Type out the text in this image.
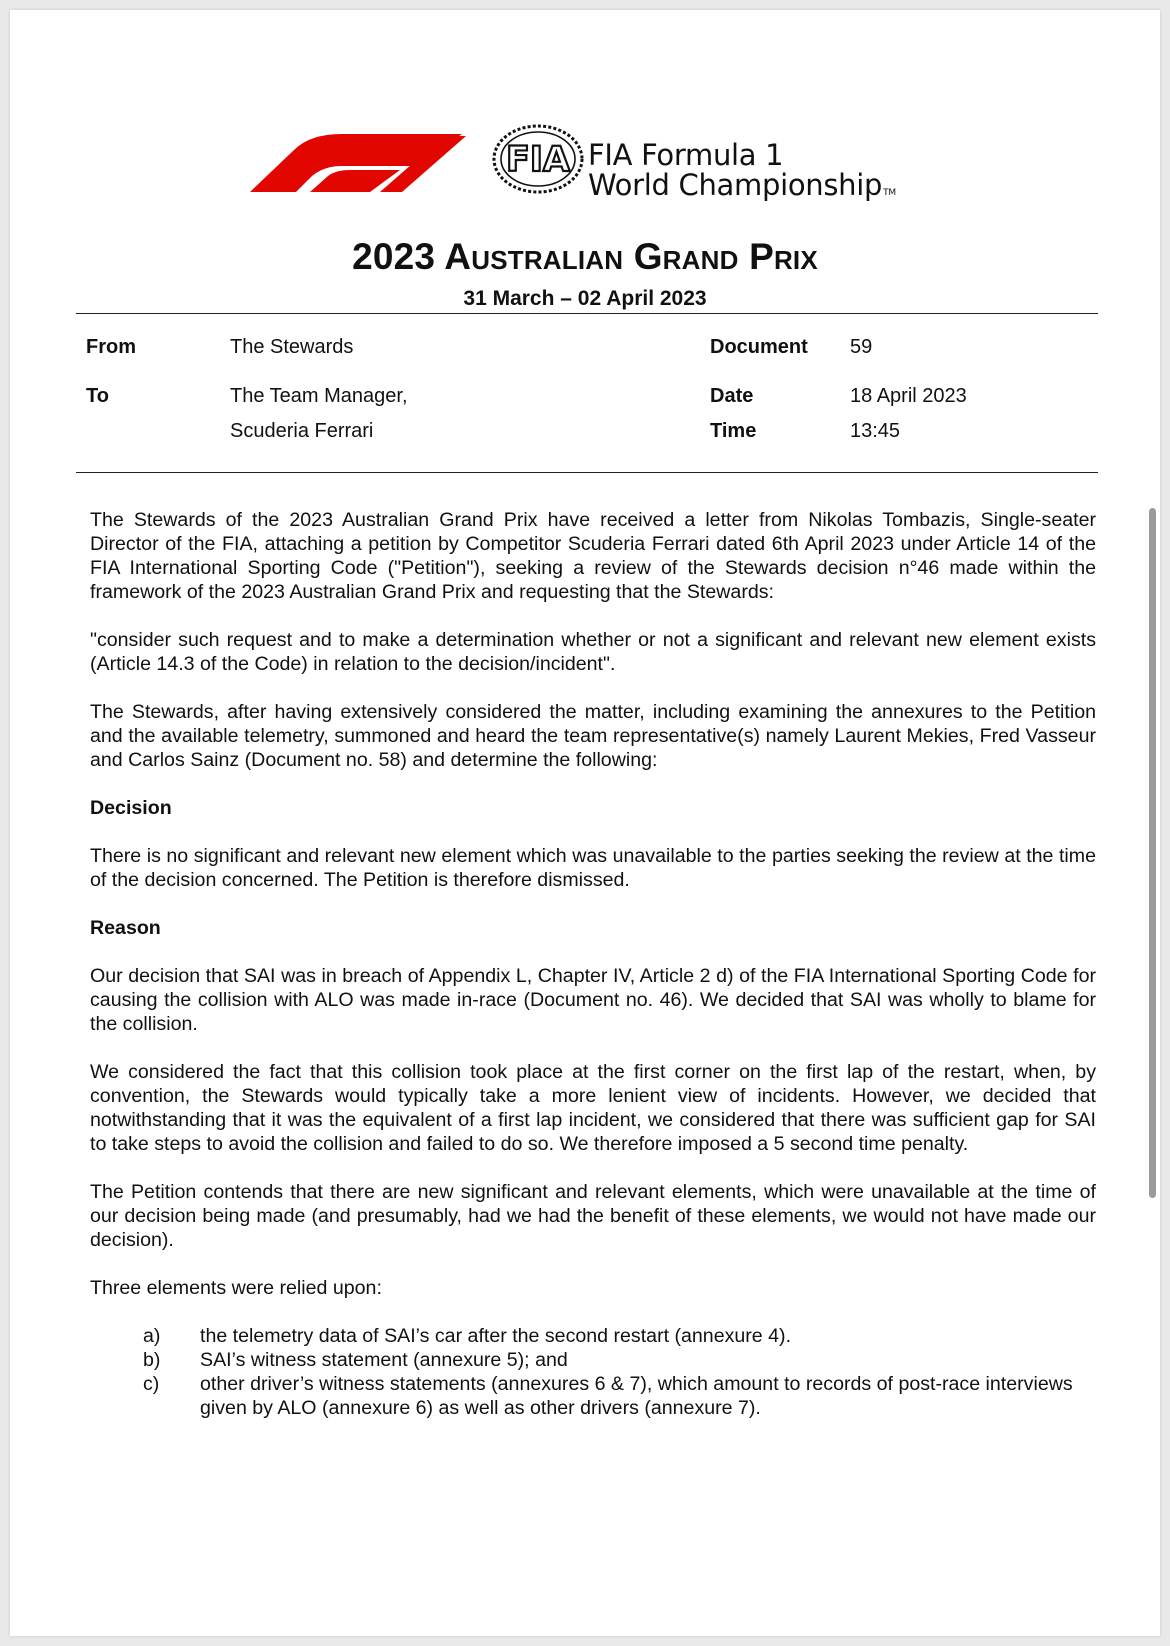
FIA FIA Formula 1
World ChampionshipTM
2023 Australian Grand Prix
31 March – 02 April 2023
From	The Stewards	Document 59
To	The Team Manager,
Scuderia Ferrari
Date	18 April 2023
Time	13:45

The Stewards of the 2023 Australian Grand Prix have received a letter from Nikolas Tombazis, Single-seater Director of the FIA, attaching a petition by Competitor Scuderia Ferrari dated 6th April 2023 under Article 14 of the FIA International Sporting Code ("Petition"), seeking a review of the Stewards decision n°46 made within the framework of the 2023 Australian Grand Prix and requesting that the Stewards:

"consider such request and to make a determination whether or not a significant and relevant new element exists (Article 14.3 of the Code) in relation to the decision/incident".

The Stewards, after having extensively considered the matter, including examining the annexures to the Petition and the available telemetry, summoned and heard the team representative(s) namely Laurent Mekies, Fred Vasseur and Carlos Sainz (Document no. 58) and determine the following:

Decision

There is no significant and relevant new element which was unavailable to the parties seeking the review at the time of the decision concerned. The Petition is therefore dismissed.

Reason

Our decision that SAI was in breach of Appendix L, Chapter IV, Article 2 d) of the FIA International Sporting Code for causing the collision with ALO was made in-race (Document no. 46). We decided that SAI was wholly to blame for the collision.

We considered the fact that this collision took place at the first corner on the first lap of the restart, when, by convention, the Stewards would typically take a more lenient view of incidents. However, we decided that notwithstanding that it was the equivalent of a first lap incident, we considered that there was sufficient gap for SAI to take steps to avoid the collision and failed to do so. We therefore imposed a 5 second time penalty.

The Petition contends that there are new significant and relevant elements, which were unavailable at the time of our decision being made (and presumably, had we had the benefit of these elements, we would not have made our decision).

Three elements were relied upon:

a) the telemetry data of SAI’s car after the second restart (annexure 4).
b) SAI’s witness statement (annexure 5); and
c) other driver’s witness statements (annexures 6 & 7), which amount to records of post-race interviews given by ALO (annexure 6) as well as other drivers (annexure 7).
